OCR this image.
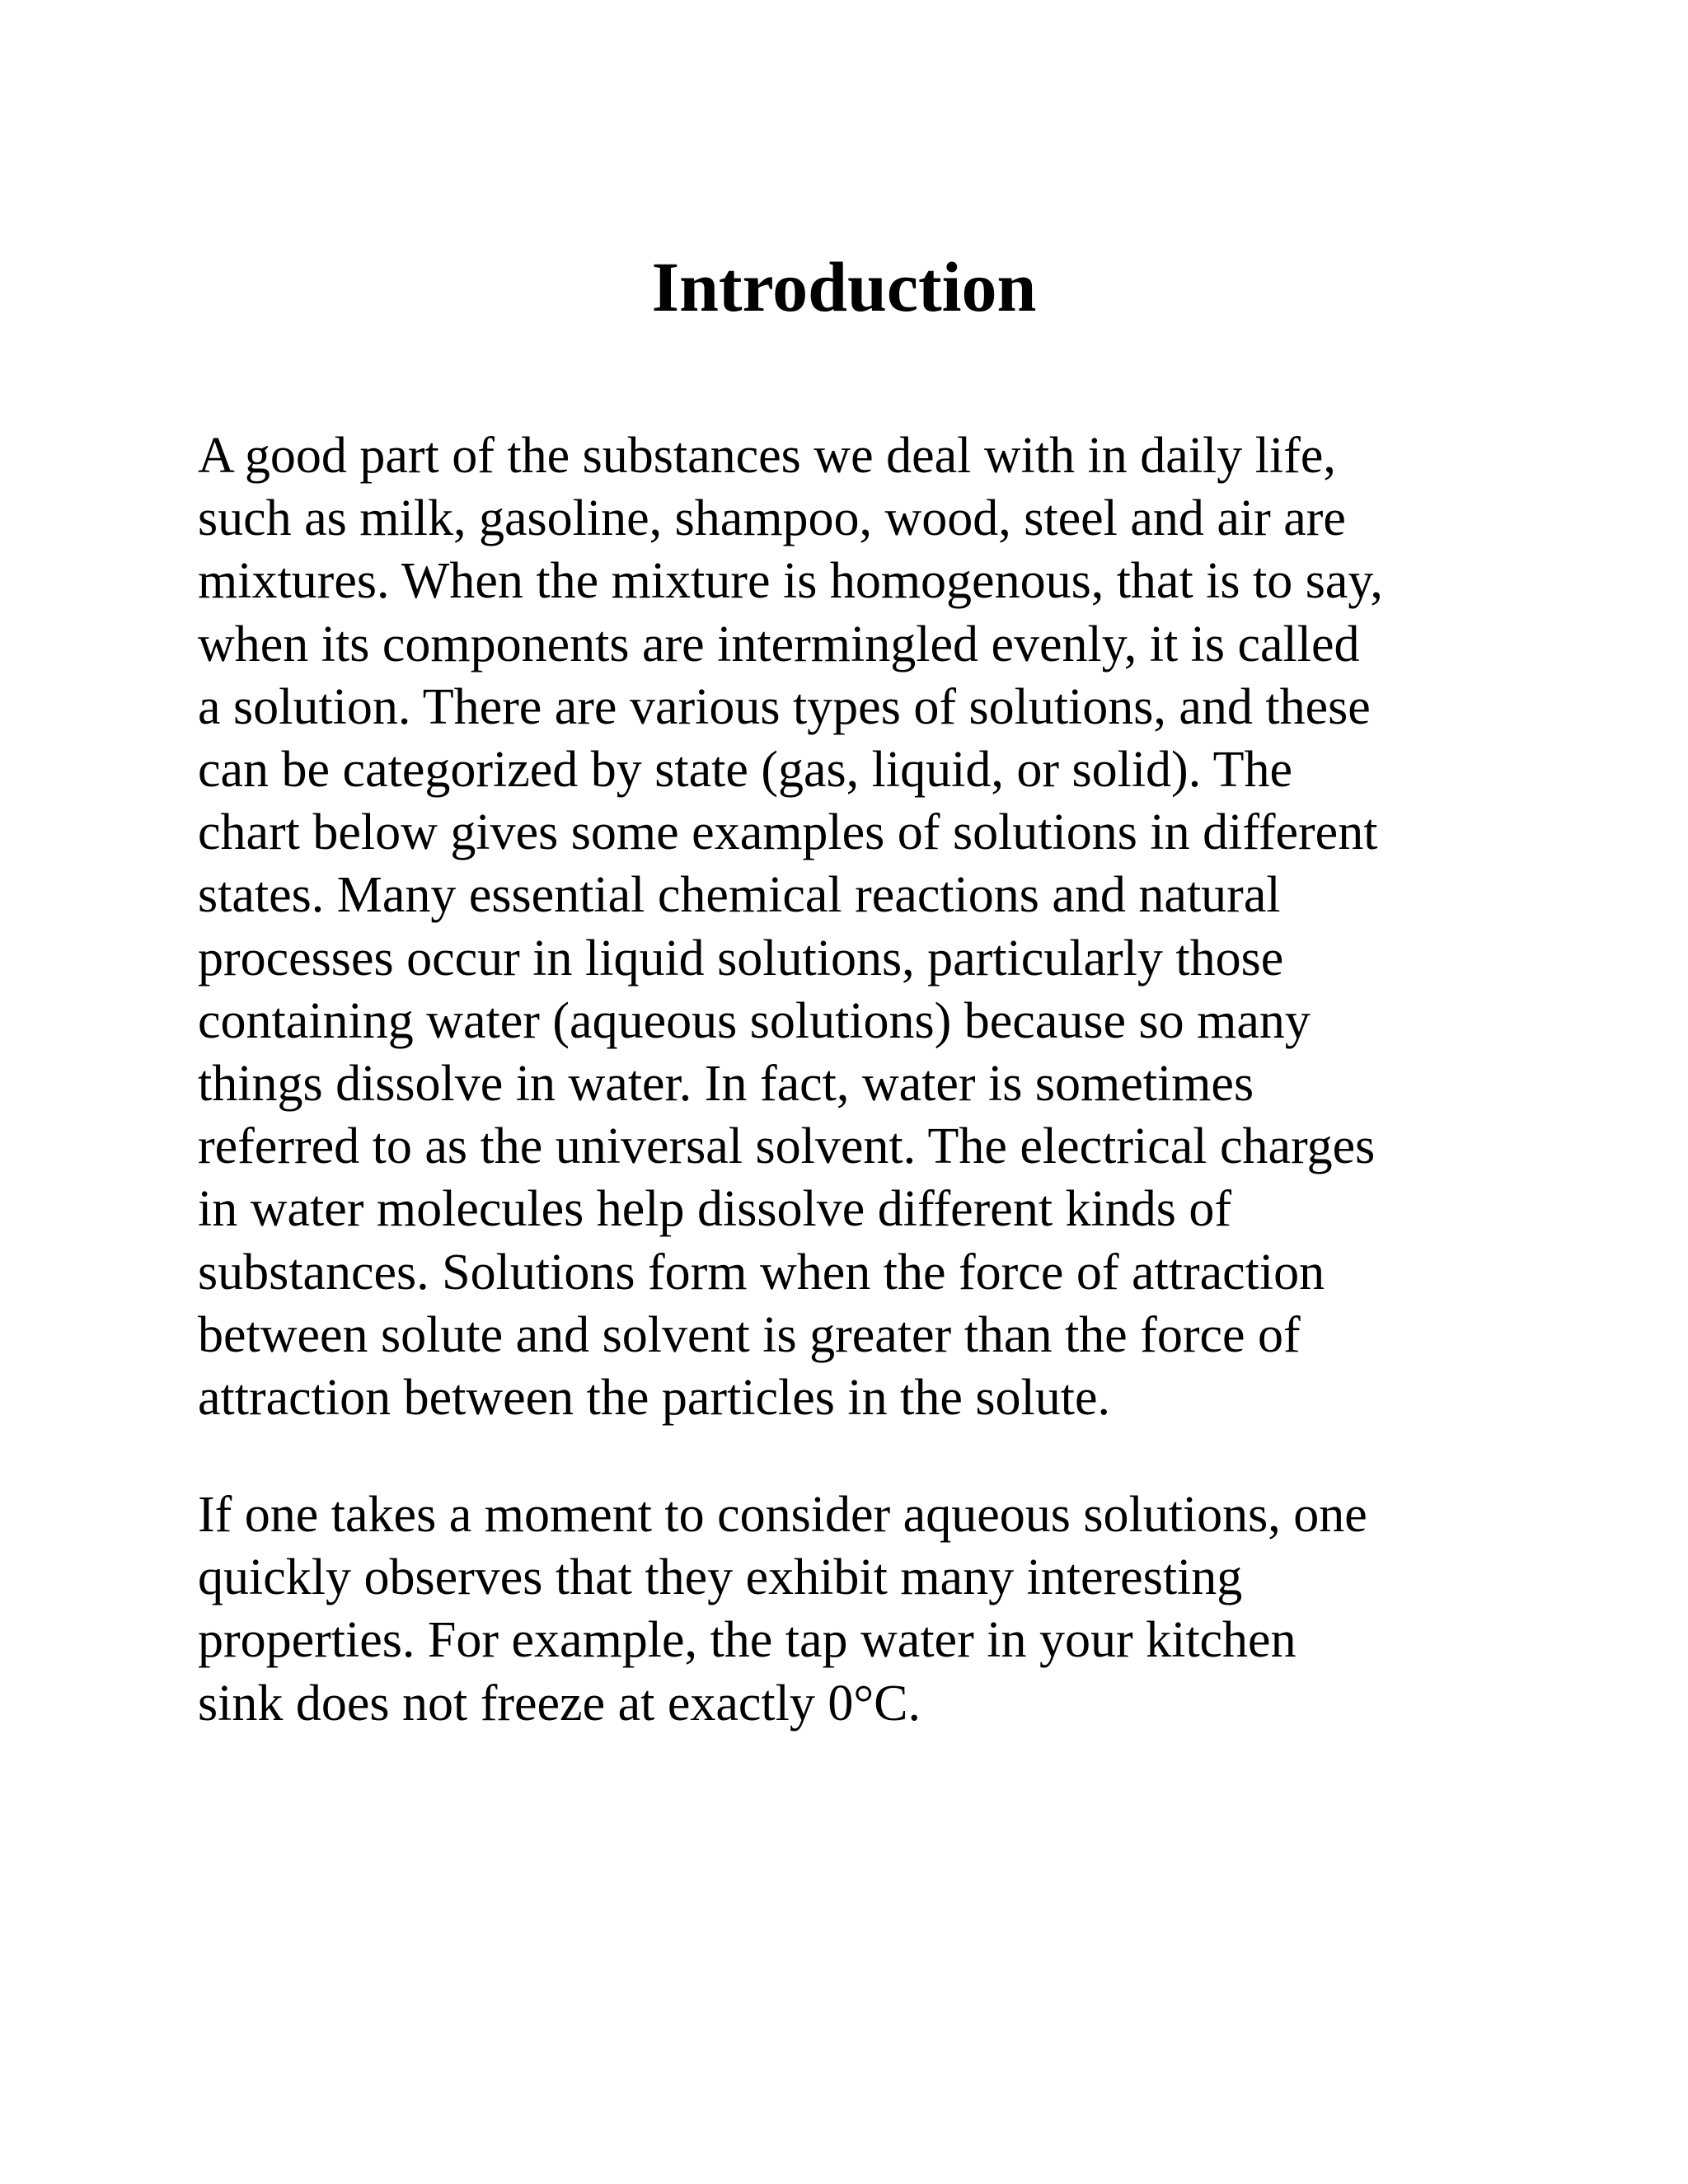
Introduction

A good part of the substances we deal with in daily life,
such as milk, gasoline, shampoo, wood, steel and air are
mixtures. When the mixture is homogenous, that is to say,
when its components are intermingled evenly, it is called
a solution. There are various types of solutions, and these
can be categorized by state (gas, liquid, or solid). The
chart below gives some examples of solutions in different
states. Many essential chemical reactions and natural
processes occur in liquid solutions, particularly those
containing water (aqueous solutions) because so many
things dissolve in water. In fact, water is sometimes
referred to as the universal solvent. The electrical charges
in water molecules help dissolve different kinds of
substances. Solutions form when the force of attraction
between solute and solvent is greater than the force of
attraction between the particles in the solute.

If one takes a moment to consider aqueous solutions, one
quickly observes that they exhibit many interesting
properties. For example, the tap water in your kitchen
sink does not freeze at exactly 0°C.
